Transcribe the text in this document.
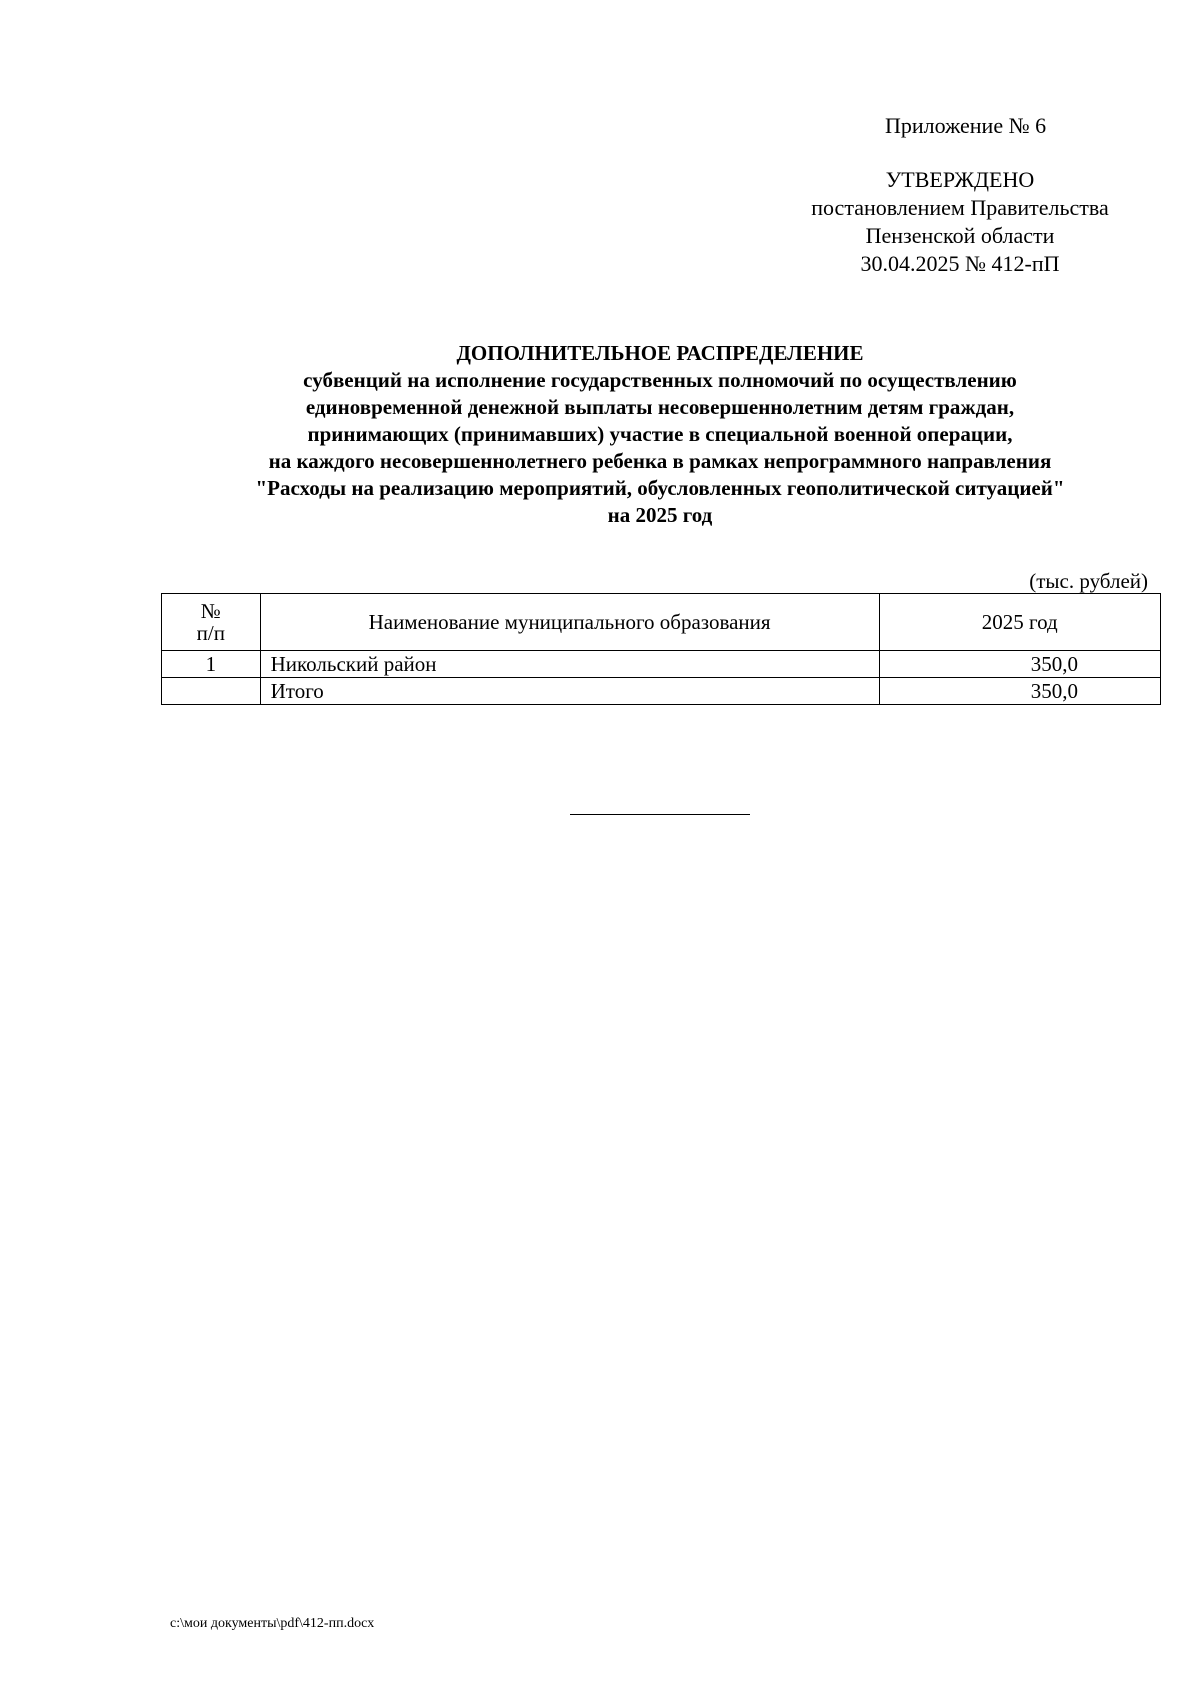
Приложение № 6
УТВЕРЖДЕНО
постановлением Правительства
Пензенской области
30.04.2025 № 412-пП
ДОПОЛНИТЕЛЬНОЕ РАСПРЕДЕЛЕНИЕ
субвенций на исполнение государственных полномочий по осуществлению
единовременной денежной выплаты несовершеннолетним детям граждан,
принимающих (принимавших) участие в специальной военной операции,
на каждого несовершеннолетнего ребенка в рамках непрограммного направления
"Расходы на реализацию мероприятий, обусловленных геополитической ситуацией"
на 2025 год
(тыс. рублей)
№
п/п	Наименование муниципального образования	2025 год
1	Никольский район	350,0
	Итого	350,0
c:\мои документы\pdf\412-пп.docx
